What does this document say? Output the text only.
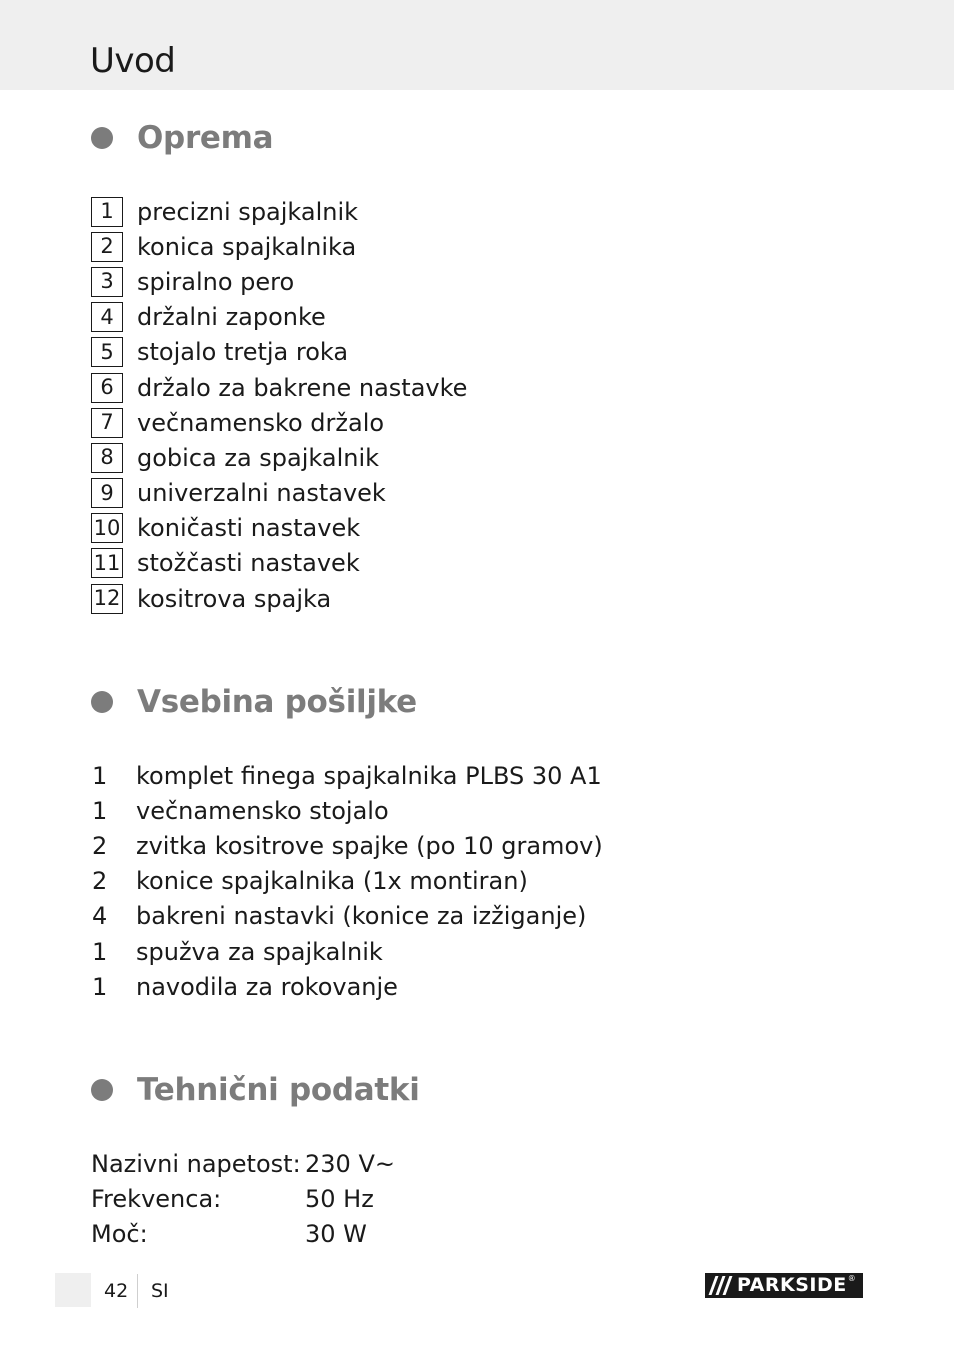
Uvod
Oprema
1 precizni spajkalnik
2 konica spajkalnika
3 spiralno pero
4 držalni zaponke
5 stojalo tretja roka
6 držalo za bakrene nastavke
7 večnamensko držalo
8 gobica za spajkalnik
9 univerzalni nastavek
10 koničasti nastavek
11 stožčasti nastavek
12 kositrova spajka
Vsebina pošiljke
1	komplet finega spajkalnika PLBS 30 A1
1	večnamensko stojalo
2	zvitka kositrove spajke (po 10 gramov)
2	konice spajkalnika (1x montiran)
4	bakreni nastavki (konice za izžiganje)
1	spužva za spajkalnik
1	navodila za rokovanje
Tehnični podatki
Nazivni napetost: 230 V~
Frekvenca:	50 Hz
Moč:	30 W
42 SI	PARKSIDE ®
